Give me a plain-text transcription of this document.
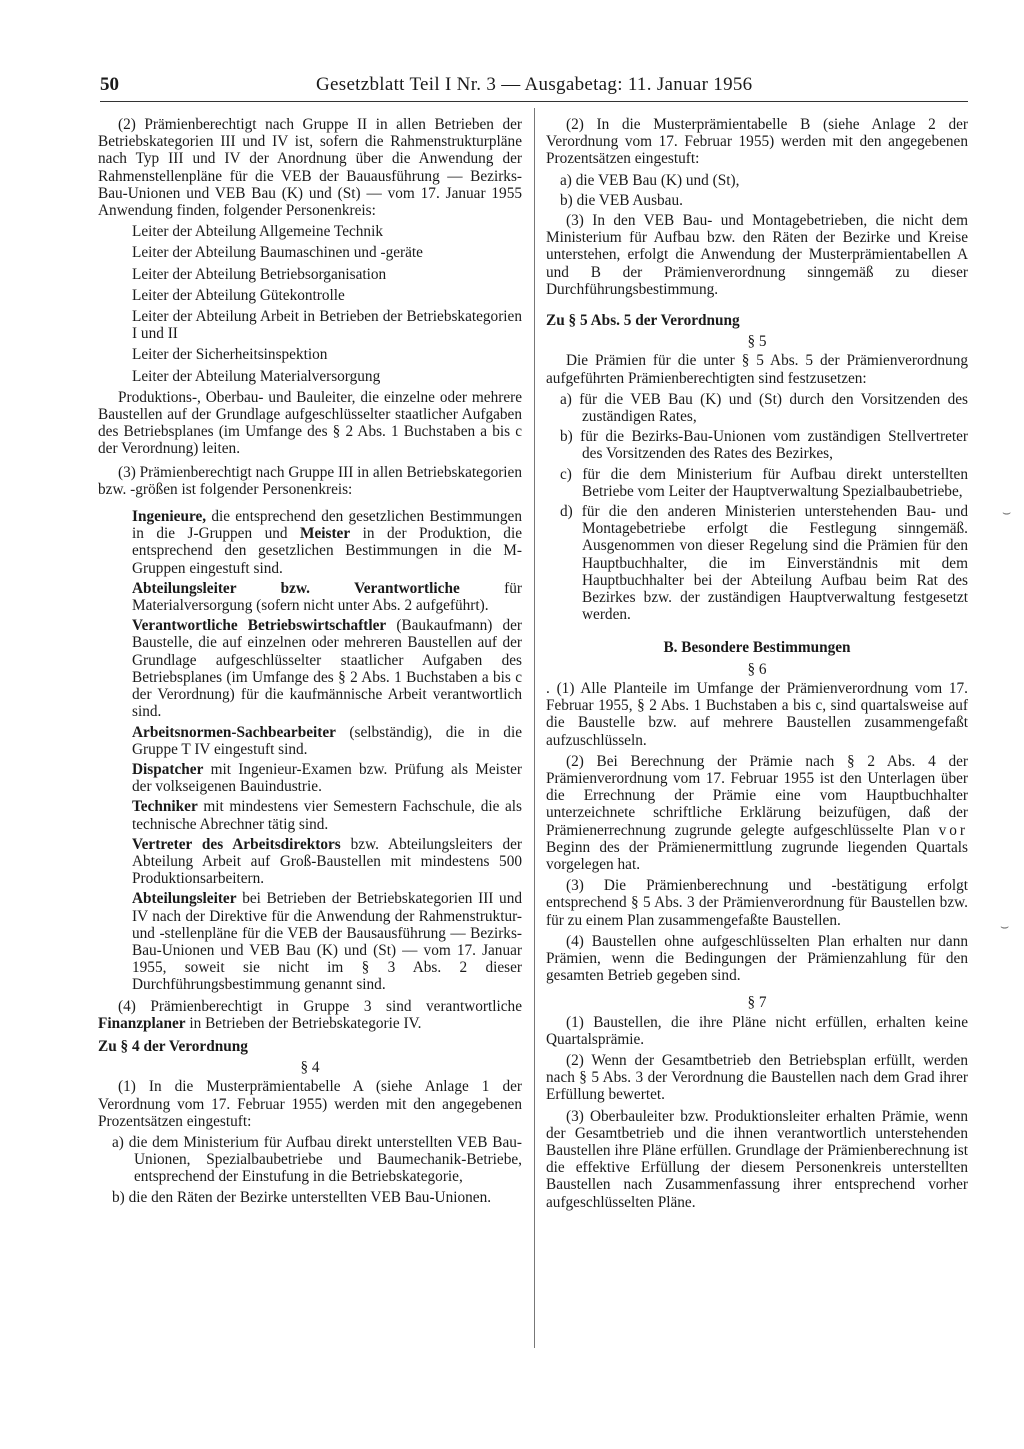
50	Gesetzblatt Teil I Nr. 3 — Ausgabetag: 11. Januar 1956

(2) Prämienberechtigt nach Gruppe II in allen Betrieben der Betriebskategorien III und IV ist, sofern die Rahmenstrukturpläne nach Typ III und IV der Anordnung über die Anwendung der Rahmenstellenpläne für die VEB der Bauausführung — Bezirks-Bau-Unionen und VEB Bau (K) und (St) — vom 17. Januar 1955 Anwendung finden, folgender Personenkreis:

Leiter der Abteilung Allgemeine Technik

Leiter der Abteilung Baumaschinen und -geräte

Leiter der Abteilung Betriebsorganisation

Leiter der Abteilung Gütekontrolle

Leiter der Abteilung Arbeit in Betrieben der Betriebskategorien I und II

Leiter der Sicherheitsinspektion

Leiter der Abteilung Materialversorgung

Produktions-, Oberbau- und Bauleiter, die einzelne oder mehrere Baustellen auf der Grundlage aufgeschlüsselter staatlicher Aufgaben des Betriebsplanes (im Umfange des § 2 Abs. 1 Buchstaben a bis c der Verordnung) leiten.

(3) Prämienberechtigt nach Gruppe III in allen Betriebskategorien bzw. -größen ist folgender Personenkreis:

Ingenieure, die entsprechend den gesetzlichen Bestimmungen in die J-Gruppen und Meister in der Produktion, die entsprechend den gesetzlichen Bestimmungen in die M-Gruppen eingestuft sind.

Abteilungsleiter bzw. Verantwortliche für Materialversorgung (sofern nicht unter Abs. 2 aufgeführt).

Verantwortliche Betriebswirtschaftler (Baukaufmann) der Baustelle, die auf einzelnen oder mehreren Baustellen auf der Grundlage aufgeschlüsselter staatlicher Aufgaben des Betriebsplanes (im Umfange des § 2 Abs. 1 Buchstaben a bis c der Verordnung) für die kaufmännische Arbeit verantwortlich sind.

Arbeitsnormen-Sachbearbeiter (selbständig), die in die Gruppe T IV eingestuft sind.

Dispatcher mit Ingenieur-Examen bzw. Prüfung als Meister der volkseigenen Bauindustrie.

Techniker mit mindestens vier Semestern Fachschule, die als technische Abrechner tätig sind.

Vertreter des Arbeitsdirektors bzw. Abteilungsleiters der Abteilung Arbeit auf Groß-Baustellen mit mindestens 500 Produktionsarbeitern.

Abteilungsleiter bei Betrieben der Betriebskategorien III und IV nach der Direktive für die Anwendung der Rahmenstruktur- und -stellenpläne für die VEB der Bausausführung — Bezirks-Bau-Unionen und VEB Bau (K) und (St) — vom 17. Januar 1955, soweit sie nicht im § 3 Abs. 2 dieser Durchführungsbestimmung genannt sind.

(4) Prämienberechtigt in Gruppe 3 sind verantwortliche Finanzplaner in Betrieben der Betriebskategorie IV.

Zu § 4 der Verordnung

§ 4

(1) In die Musterprämientabelle A (siehe Anlage 1 der Verordnung vom 17. Februar 1955) werden mit den angegebenen Prozentsätzen eingestuft:

a) die dem Ministerium für Aufbau direkt unterstellten VEB Bau-Unionen, Spezialbaubetriebe und Baumechanik-Betriebe, entsprechend der Einstufung in die Betriebskategorie,

b) die den Räten der Bezirke unterstellten VEB Bau-Unionen.

(2) In die Musterprämientabelle B (siehe Anlage 2 der Verordnung vom 17. Februar 1955) werden mit den angegebenen Prozentsätzen eingestuft:

a) die VEB Bau (K) und (St),

b) die VEB Ausbau.

(3) In den VEB Bau- und Montagebetrieben, die nicht dem Ministerium für Aufbau bzw. den Räten der Bezirke und Kreise unterstehen, erfolgt die Anwendung der Musterprämientabellen A und B der Prämienverordnung sinngemäß zu dieser Durchführungsbestimmung.

Zu § 5 Abs. 5 der Verordnung

§ 5

Die Prämien für die unter § 5 Abs. 5 der Prämienverordnung aufgeführten Prämienberechtigten sind festzusetzen:

a) für die VEB Bau (K) und (St) durch den Vorsitzenden des zuständigen Rates,

b) für die Bezirks-Bau-Unionen vom zuständigen Stellvertreter des Vorsitzenden des Rates des Bezirkes,

c) für die dem Ministerium für Aufbau direkt unterstellten Betriebe vom Leiter der Hauptverwaltung Spezialbaubetriebe,

d) für die den anderen Ministerien unterstehenden Bau- und Montagebetriebe erfolgt die Festlegung sinngemäß. Ausgenommen von dieser Regelung sind die Prämien für den Hauptbuchhalter, die im Einverständnis mit dem Hauptbuchhalter bei der Abteilung Aufbau beim Rat des Bezirkes bzw. der zuständigen Hauptverwaltung festgesetzt werden.

B. Besondere Bestimmungen

§ 6

. (1) Alle Planteile im Umfange der Prämienverordnung vom 17. Februar 1955, § 2 Abs. 1 Buchstaben a bis c, sind quartalsweise auf die Baustelle bzw. auf mehrere Baustellen zusammengefaßt aufzuschlüsseln.

(2) Bei Berechnung der Prämie nach § 2 Abs. 4 der Prämienverordnung vom 17. Februar 1955 ist den Unterlagen über die Errechnung der Prämie eine vom Hauptbuchhalter unterzeichnete schriftliche Erklärung beizufügen, daß der Prämienerrechnung zugrunde gelegte aufgeschlüsselte Plan vor Beginn des der Prämienermittlung zugrunde liegenden Quartals vorgelegen hat.

(3) Die Prämienberechnung und -bestätigung erfolgt entsprechend § 5 Abs. 3 der Prämienverordnung für Baustellen bzw. für zu einem Plan zusammengefaßte Baustellen.

(4) Baustellen ohne aufgeschlüsselten Plan erhalten nur dann Prämien, wenn die Bedingungen der Prämienzahlung für den gesamten Betrieb gegeben sind.

§ 7

(1) Baustellen, die ihre Pläne nicht erfüllen, erhalten keine Quartalsprämie.

(2) Wenn der Gesamtbetrieb den Betriebsplan erfüllt, werden nach § 5 Abs. 3 der Verordnung die Baustellen nach dem Grad ihrer Erfüllung bewertet.

(3) Oberbauleiter bzw. Produktionsleiter erhalten Prämie, wenn der Gesamtbetrieb und die ihnen verantwortlich unterstehenden Baustellen ihre Pläne erfüllen. Grundlage der Prämienberechnung ist die effektive Erfüllung der diesem Personenkreis unterstellten Baustellen nach Zusammenfassung ihrer entsprechend vorher aufgeschlüsselten Pläne.

⌣
⌣
